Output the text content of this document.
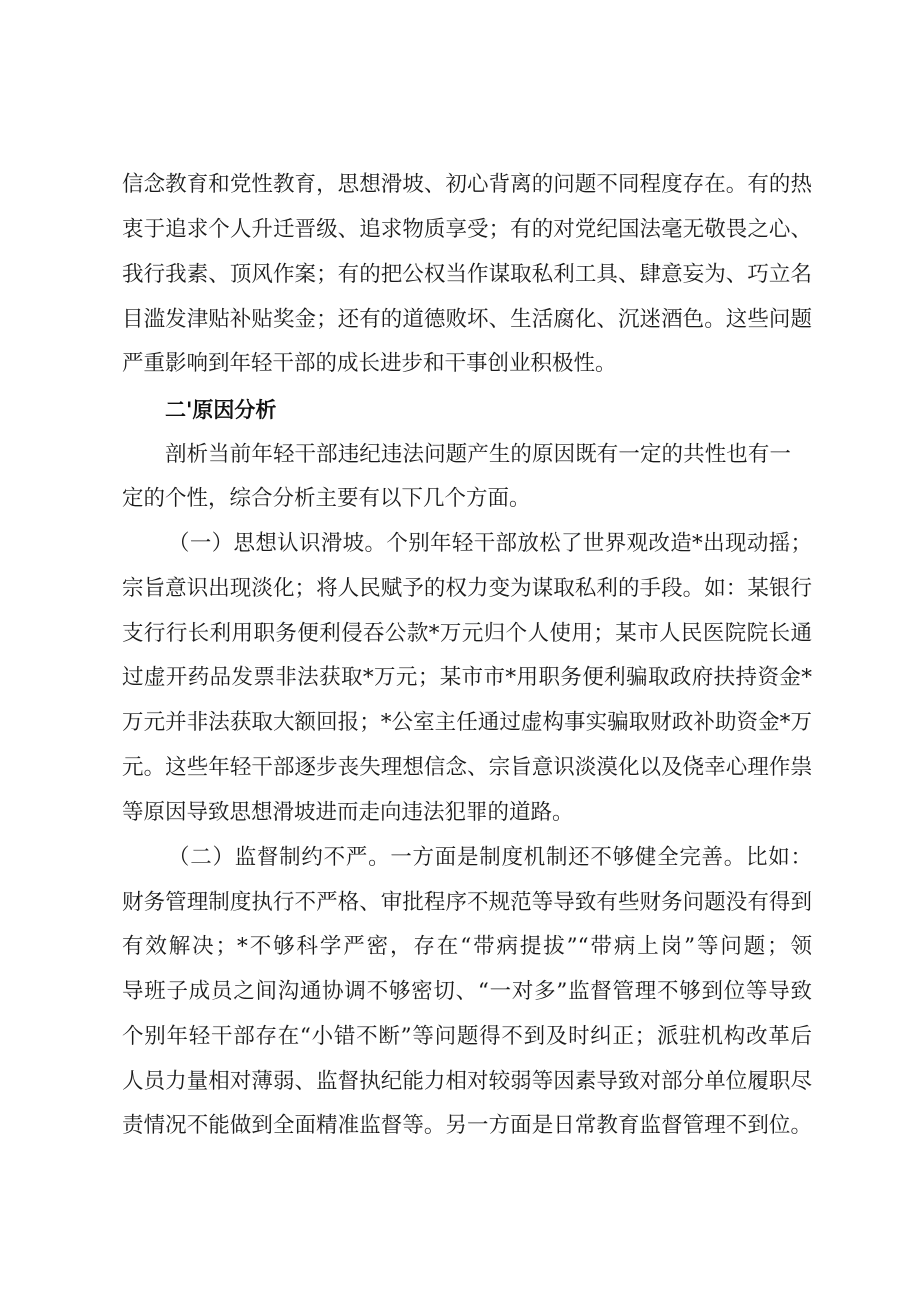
信念教育和党性教育，思想滑坡、初心背离的问题不同程度存在。有的热
衷于追求个人升迁晋级、追求物质享受；有的对党纪国法毫无敬畏之心、
我行我素、顶风作案；有的把公权当作谋取私利工具、肆意妄为、巧立名
目滥发津贴补贴奖金；还有的道德败坏、生活腐化、沉迷酒色。这些问题
严重影响到年轻干部的成长进步和干事创业积极性。
二'原因分析
剖析当前年轻干部违纪违法问题产生的原因既有一定的共性也有一
定的个性，综合分析主要有以下几个方面。
（一）思想认识滑坡。个别年轻干部放松了世界观改造*出现动摇；
宗旨意识出现淡化；将人民赋予的权力变为谋取私利的手段。如：某银行
支行行长利用职务便利侵吞公款*万元归个人使用；某市人民医院院长通
过虚开药品发票非法获取*万元；某市市*用职务便利骗取政府扶持资金*
万元并非法获取大额回报；*公室主任通过虚构事实骗取财政补助资金*万
元。这些年轻干部逐步丧失理想信念、宗旨意识淡漠化以及侥幸心理作祟
等原因导致思想滑坡进而走向违法犯罪的道路。
（二）监督制约不严。一方面是制度机制还不够健全完善。比如：
财务管理制度执行不严格、审批程序不规范等导致有些财务问题没有得到
有效解决；*不够科学严密，存在“带病提拔”“带病上岗”等问题；领
导班子成员之间沟通协调不够密切、“一对多”监督管理不够到位等导致
个别年轻干部存在“小错不断”等问题得不到及时纠正；派驻机构改革后
人员力量相对薄弱、监督执纪能力相对较弱等因素导致对部分单位履职尽
责情况不能做到全面精准监督等。另一方面是日常教育监督管理不到位。
